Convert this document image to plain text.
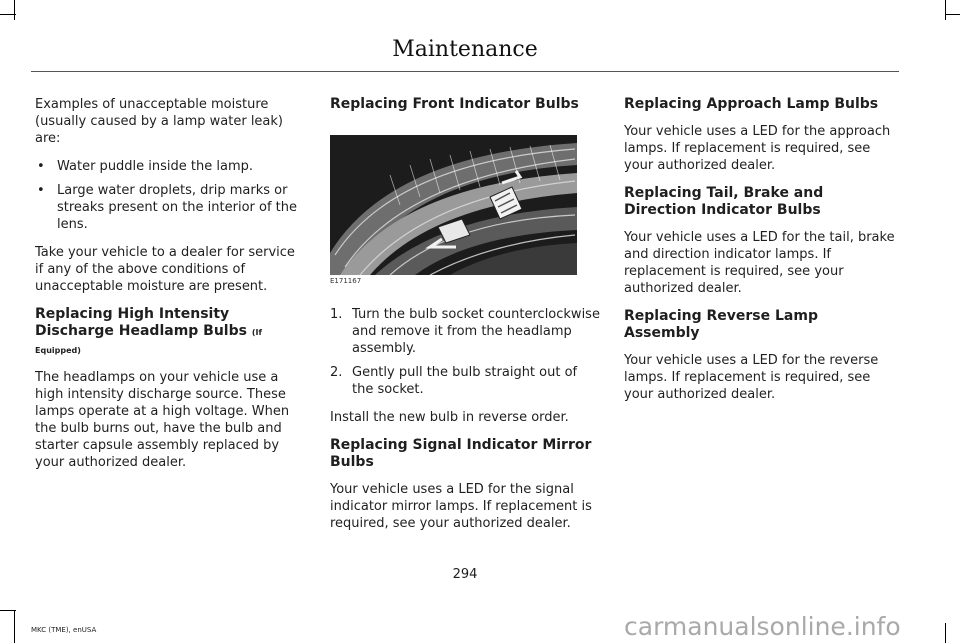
Maintenance

Examples of unacceptable moisture (usually caused by a lamp water leak) are:

• Water puddle inside the lamp.
• Large water droplets, drip marks or streaks present on the interior of the lens.

Take your vehicle to a dealer for service if any of the above conditions of unacceptable moisture are present.

Replacing High Intensity Discharge Headlamp Bulbs (If Equipped)

The headlamps on your vehicle use a high intensity discharge source. These lamps operate at a high voltage. When the bulb burns out, have the bulb and starter capsule assembly replaced by your authorized dealer.

Replacing Front Indicator Bulbs
E171167
1. Turn the bulb socket counterclockwise and remove it from the headlamp assembly.
2. Gently pull the bulb straight out of the socket.

Install the new bulb in reverse order.

Replacing Signal Indicator Mirror Bulbs

Your vehicle uses a LED for the signal indicator mirror lamps. If replacement is required, see your authorized dealer.

Replacing Approach Lamp Bulbs

Your vehicle uses a LED for the approach lamps. If replacement is required, see your authorized dealer.

Replacing Tail, Brake and Direction Indicator Bulbs

Your vehicle uses a LED for the tail, brake and direction indicator lamps. If replacement is required, see your authorized dealer.

Replacing Reverse Lamp Assembly

Your vehicle uses a LED for the reverse lamps. If replacement is required, see your authorized dealer.

294
MKC (TME), enUSA	carmanualsonline.info
